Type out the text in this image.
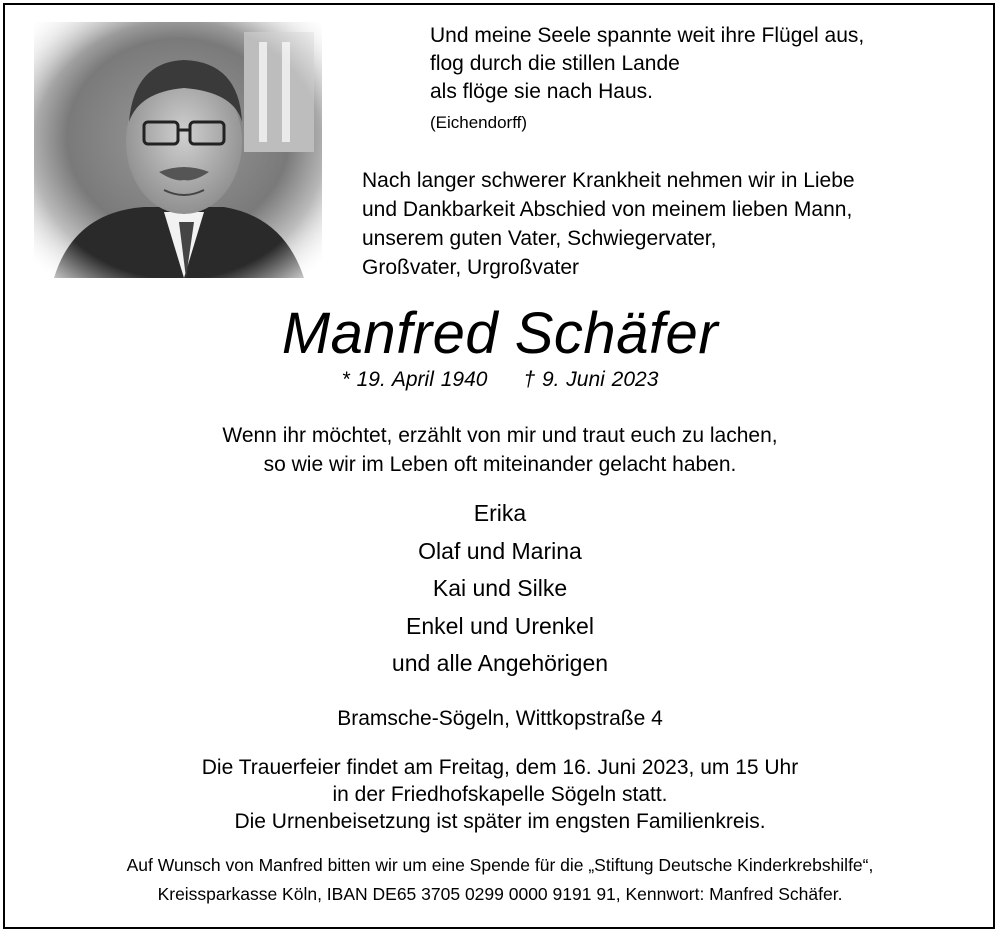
Und meine Seele spannte weit ihre Flügel aus,
flog durch die stillen Lande
als flöge sie nach Haus.
(Eichendorff)
Nach langer schwerer Krankheit nehmen wir in Liebe
und Dankbarkeit Abschied von meinem lieben Mann,
unserem guten Vater, Schwiegervater,
Großvater, Urgroßvater
Manfred Schäfer
* 19. April 1940 † 9. Juni 2023
Wenn ihr möchtet, erzählt von mir und traut euch zu lachen,
so wie wir im Leben oft miteinander gelacht haben.
Erika
Olaf und Marina
Kai und Silke
Enkel und Urenkel
und alle Angehörigen
Bramsche-Sögeln, Wittkopstraße 4
Die Trauerfeier findet am Freitag, dem 16. Juni 2023, um 15 Uhr
in der Friedhofskapelle Sögeln statt.
Die Urnenbeisetzung ist später im engsten Familienkreis.
Auf Wunsch von Manfred bitten wir um eine Spende für die „Stiftung Deutsche Kinderkrebshilfe“,
Kreissparkasse Köln, IBAN DE65 3705 0299 0000 9191 91, Kennwort: Manfred Schäfer.
